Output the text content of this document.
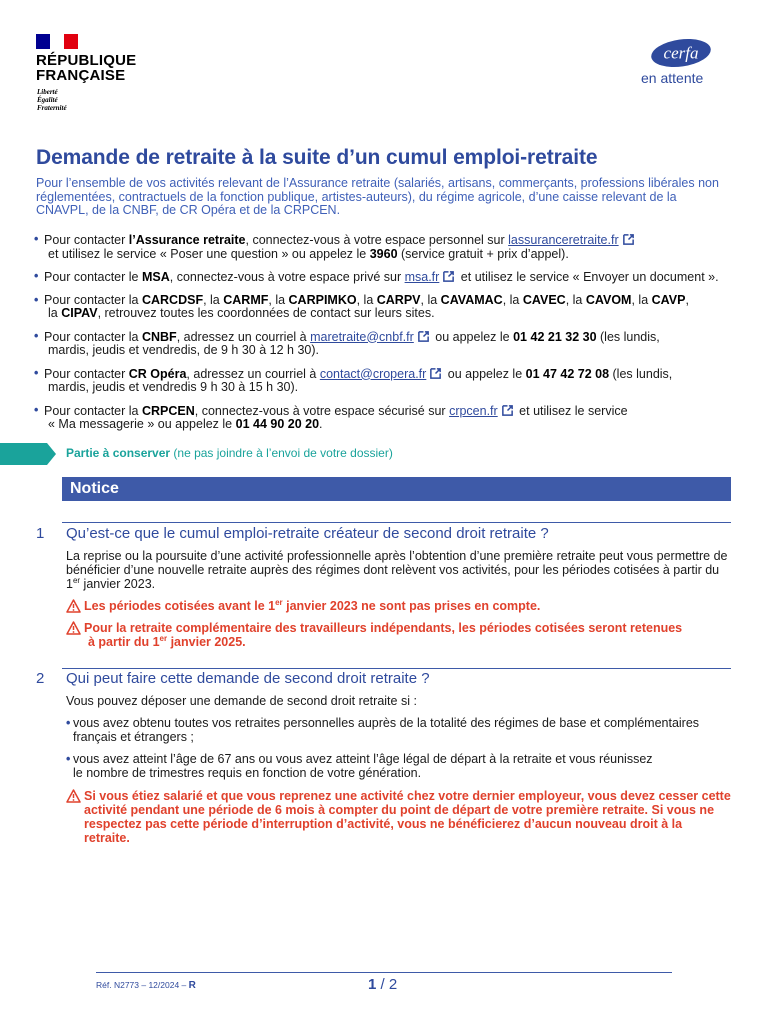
RÉPUBLIQUE
FRANÇAISE
Liberté
Égalité
Fraternité
cerfa
en attente
Demande de retraite à la suite d’un cumul emploi-retraite
Pour l’ensemble de vos activités relevant de l’Assurance retraite (salariés, artisans, commerçants, professions libérales non réglementées, contractuels de la fonction publique, artistes-auteurs), du régime agricole, d’une caisse relevant de la CNAVPL, de la CNBF, de CR Opéra et de la CRPCEN.
• Pour contacter l’Assurance retraite, connectez-vous à votre espace personnel sur lassuranceretraite.fr
et utilisez le service « Poser une question » ou appelez le 3960 (service gratuit + prix d’appel).
• Pour contacter le MSA, connectez-vous à votre espace privé sur msa.fr et utilisez le service « Envoyer un document ».
• Pour contacter la CARCDSF, la CARMF, la CARPIMKO, la CARPV, la CAVAMAC, la CAVEC, la CAVOM, la CAVP,
la CIPAV, retrouvez toutes les coordonnées de contact sur leurs sites.
• Pour contacter la CNBF, adressez un courriel à maretraite@cnbf.fr ou appelez le 01 42 21 32 30 (les lundis,
mardis, jeudis et vendredis, de 9 h 30 à 12 h 30).
• Pour contacter CR Opéra, adressez un courriel à contact@cropera.fr ou appelez le 01 47 42 72 08 (les lundis,
mardis, jeudis et vendredis 9 h 30 à 15 h 30).
• Pour contacter la CRPCEN, connectez-vous à votre espace sécurisé sur crpcen.fr et utilisez le service
« Ma messagerie » ou appelez le 01 44 90 20 20.
Partie à conserver (ne pas joindre à l’envoi de votre dossier)
Notice
1 Qu’est-ce que le cumul emploi-retraite créateur de second droit retraite ?
La reprise ou la poursuite d’une activité professionnelle après l’obtention d’une première retraite peut vous permettre de bénéficier d’une nouvelle retraite auprès des régimes dont relèvent vos activités, pour les périodes cotisées à partir du 1er janvier 2023.
Les périodes cotisées avant le 1er janvier 2023 ne sont pas prises en compte.
Pour la retraite complémentaire des travailleurs indépendants, les périodes cotisées seront retenues
à partir du 1er janvier 2025.
2 Qui peut faire cette demande de second droit retraite ?
Vous pouvez déposer une demande de second droit retraite si :
• vous avez obtenu toutes vos retraites personnelles auprès de la totalité des régimes de base et complémentaires
français et étrangers ;
• vous avez atteint l’âge de 67 ans ou vous avez atteint l’âge légal de départ à la retraite et vous réunissez
le nombre de trimestres requis en fonction de votre génération.
Si vous étiez salarié et que vous reprenez une activité chez votre dernier employeur, vous devez cesser cette
activité pendant une période de 6 mois à compter du point de départ de votre première retraite. Si vous ne
respectez pas cette période d’interruption d’activité, vous ne bénéficierez d’aucun nouveau droit à la retraite.
Réf. N2773 – 12/2024 – R	1 / 2
